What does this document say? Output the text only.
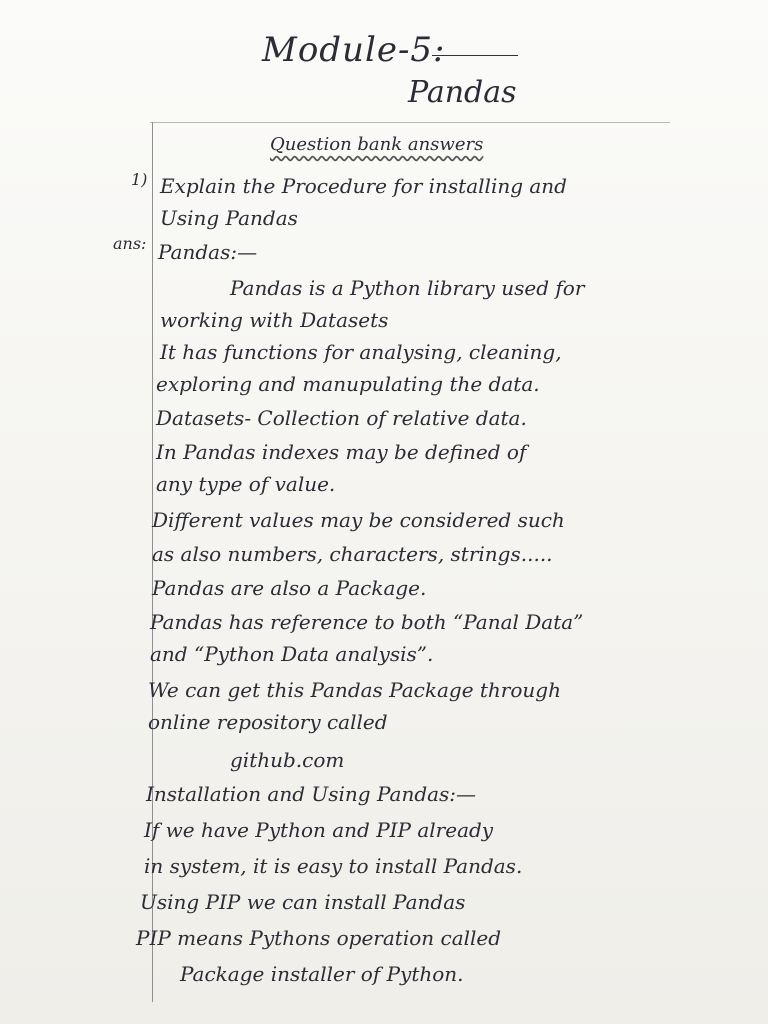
Module-5:
Pandas
Question bank answers
1) Explain the Procedure for installing and
Using Pandas
ans: Pandas:—
Pandas is a Python library used for
working with Datasets
It has functions for analysing, cleaning,
exploring and manupulating the data.
Datasets- Collection of relative data.
In Pandas indexes may be defined of
any type of value.
Different values may be considered such
as also numbers, characters, strings.....
Pandas are also a Package.
Pandas has reference to both “Panal Data”
and “Python Data analysis”.
We can get this Pandas Package through
online repository called
github.com
Installation and Using Pandas:—
If we have Python and PIP already
in system, it is easy to install Pandas.
Using PIP we can install Pandas
PIP means Pythons operation called
Package installer of Python.
